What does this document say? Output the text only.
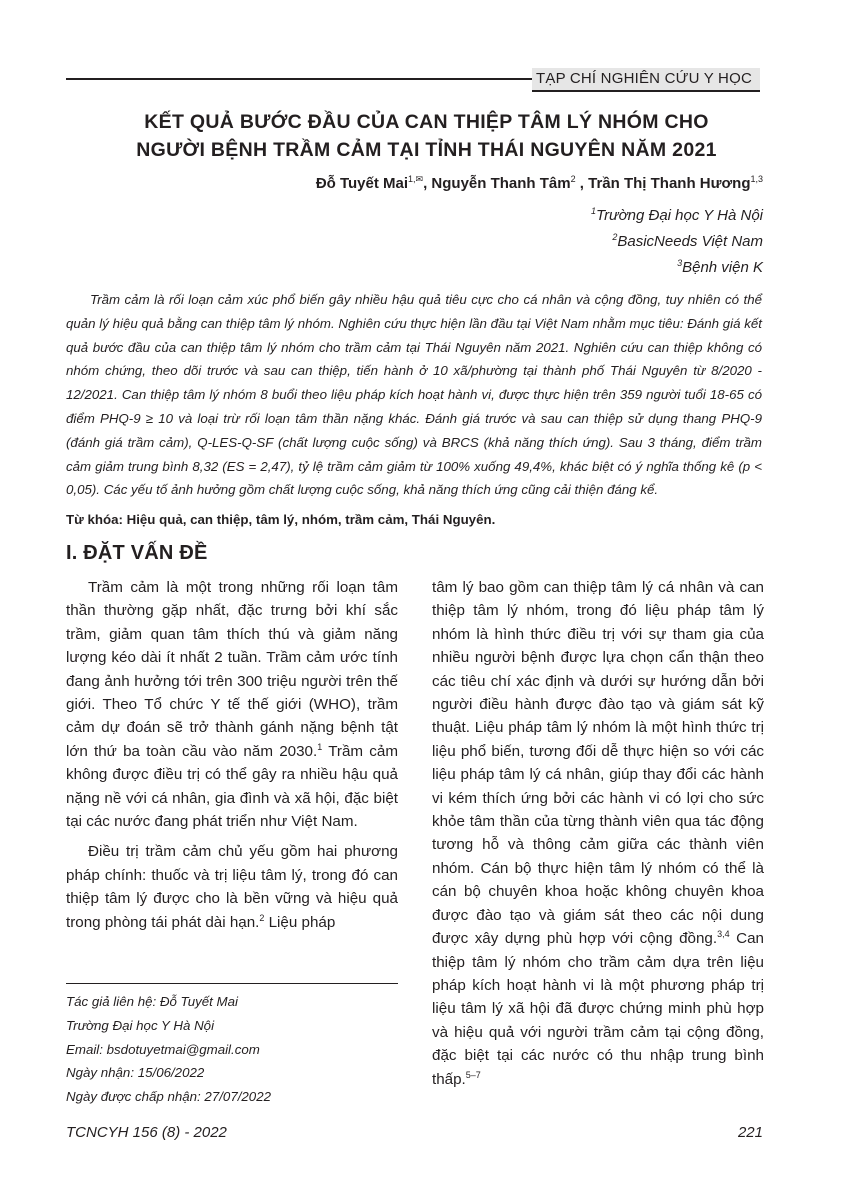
TẠP CHÍ NGHIÊN CỨU Y HỌC
KẾT QUẢ BƯỚC ĐẦU CỦA CAN THIỆP TÂM LÝ NHÓM CHO
NGƯỜI BỆNH TRẦM CẢM TẠI TỈNH THÁI NGUYÊN NĂM 2021
Đỗ Tuyết Mai$^{1,✉}$, Nguyễn Thanh Tâm$^2$ , Trần Thị Thanh Hương$^{1,3}$
$^1$Trường Đại học Y Hà Nội
$^2$BasicNeeds Việt Nam
$^3$Bệnh viện K

Trầm cảm là rối loạn cảm xúc phổ biến gây nhiều hậu quả tiêu cực cho cá nhân và cộng đồng, tuy nhiên có thể quản lý hiệu quả bằng can thiệp tâm lý nhóm. Nghiên cứu thực hiện lần đầu tại Việt Nam nhằm mục tiêu: Đánh giá kết quả bước đầu của can thiệp tâm lý nhóm cho trầm cảm tại Thái Nguyên năm 2021. Nghiên cứu can thiệp không có nhóm chứng, theo dõi trước và sau can thiệp, tiến hành ở 10 xã/phường tại thành phố Thái Nguyên từ 8/2020 - 12/2021. Can thiệp tâm lý nhóm 8 buổi theo liệu pháp kích hoạt hành vi, được thực hiện trên 359 người tuổi 18-65 có điểm PHQ-9 ≥ 10 và loại trừ rối loạn tâm thần nặng khác. Đánh giá trước và sau can thiệp sử dụng thang PHQ-9 (đánh giá trầm cảm), Q-LES-Q-SF (chất lượng cuộc sống) và BRCS (khả năng thích ứng). Sau 3 tháng, điểm trầm cảm giảm trung bình 8,32 (ES = 2,47), tỷ lệ trầm cảm giảm từ 100% xuống 49,4%, khác biệt có ý nghĩa thống kê (p < 0,05). Các yếu tố ảnh hưởng gồm chất lượng cuộc sống, khả năng thích ứng cũng cải thiện đáng kể.

Từ khóa: Hiệu quả, can thiệp, tâm lý, nhóm, trầm cảm, Thái Nguyên.
I. ĐẶT VẤN ĐỀ

Trầm cảm là một trong những rối loạn tâm thần thường gặp nhất, đặc trưng bởi khí sắc trầm, giảm quan tâm thích thú và giảm năng lượng kéo dài ít nhất 2 tuần. Trầm cảm ước tính đang ảnh hưởng tới trên 300 triệu người trên thế giới. Theo Tổ chức Y tế thế giới (WHO), trầm cảm dự đoán sẽ trở thành gánh nặng bệnh tật lớn thứ ba toàn cầu vào năm 2030.$^1$ Trầm cảm không được điều trị có thể gây ra nhiều hậu quả nặng nề với cá nhân, gia đình và xã hội, đặc biệt tại các nước đang phát triển như Việt Nam.

Điều trị trầm cảm chủ yếu gồm hai phương pháp chính: thuốc và trị liệu tâm lý, trong đó can thiệp tâm lý được cho là bền vững và hiệu quả trong phòng tái phát dài hạn.$^2$ Liệu pháp

tâm lý bao gồm can thiệp tâm lý cá nhân và can thiệp tâm lý nhóm, trong đó liệu pháp tâm lý nhóm là hình thức điều trị với sự tham gia của nhiều người bệnh được lựa chọn cẩn thận theo các tiêu chí xác định và dưới sự hướng dẫn bởi người điều hành được đào tạo và giám sát kỹ thuật. Liệu pháp tâm lý nhóm là một hình thức trị liệu phổ biến, tương đối dễ thực hiện so với các liệu pháp tâm lý cá nhân, giúp thay đổi các hành vi kém thích ứng bởi các hành vi có lợi cho sức khỏe tâm thần của từng thành viên qua tác động tương hỗ và thông cảm giữa các thành viên nhóm. Cán bộ thực hiện tâm lý nhóm có thể là cán bộ chuyên khoa hoặc không chuyên khoa được đào tạo và giám sát theo các nội dung được xây dựng phù hợp với cộng đồng.$^{3,4}$ Can thiệp tâm lý nhóm cho trầm cảm dựa trên liệu pháp kích hoạt hành vi là một phương pháp trị liệu tâm lý xã hội đã được chứng minh phù hợp và hiệu quả với người trầm cảm tại cộng đồng, đặc biệt tại các nước có thu nhập trung bình thấp.$^{5-7}$

Tác giả liên hệ: Đỗ Tuyết Mai
Trường Đại học Y Hà Nội
Email: bsdotuyetmai@gmail.com
Ngày nhận: 15/06/2022
Ngày được chấp nhận: 27/07/2022
TCNCYH 156 (8) - 2022	221
